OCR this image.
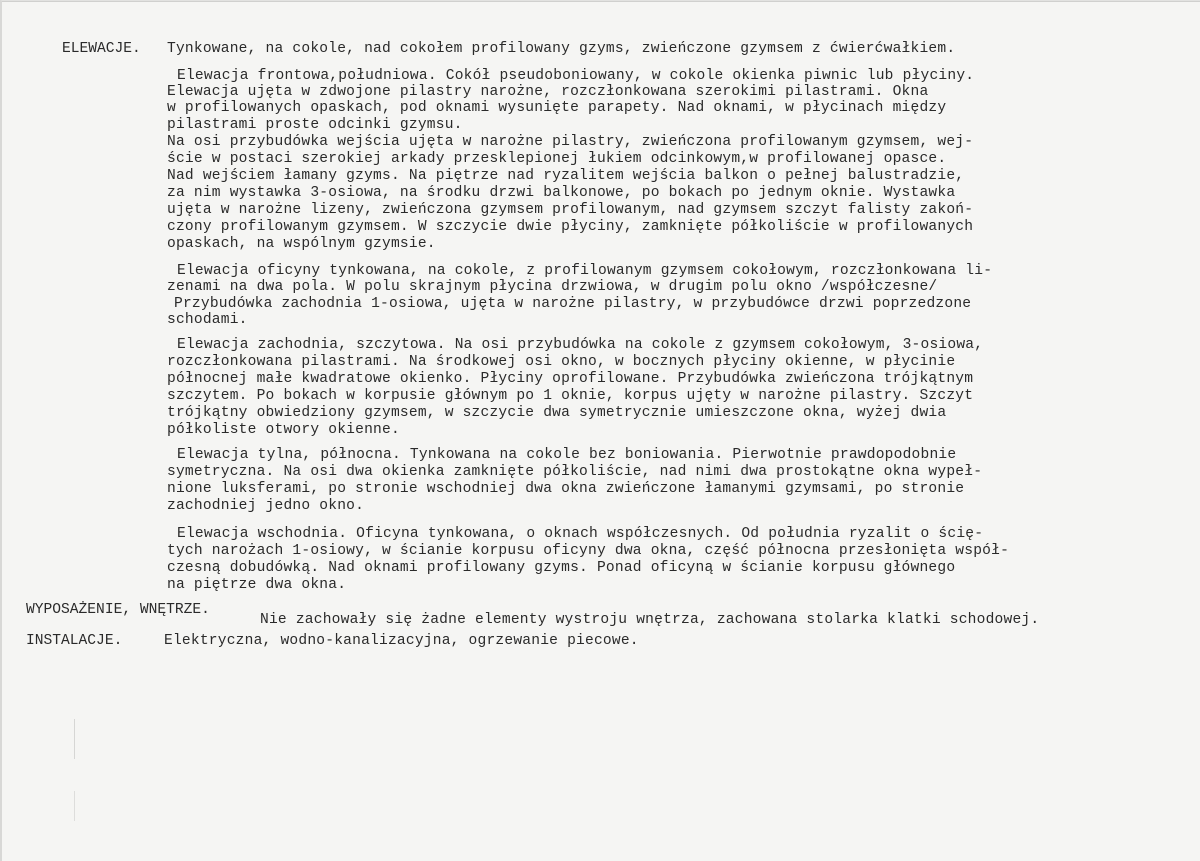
ELEWACJE. Tynkowane, na cokole, nad cokołem profilowany gzyms, zwieńczone gzymsem z ćwierćwałkiem.
Elewacja frontowa,południowa. Cokół pseudoboniowany, w cokole okienka piwnic lub płyciny.
Elewacja ujęta w zdwojone pilastry narożne, rozczłonkowana szerokimi pilastrami. Okna
w profilowanych opaskach, pod oknami wysunięte parapety. Nad oknami, w płycinach między
pilastrami proste odcinki gzymsu.
Na osi przybudówka wejścia ujęta w narożne pilastry, zwieńczona profilowanym gzymsem, wej-
ście w postaci szerokiej arkady przesklepionej łukiem odcinkowym,w profilowanej opasce.
Nad wejściem łamany gzyms. Na piętrze nad ryzalitem wejścia balkon o pełnej balustradzie,
za nim wystawka 3-osiowa, na środku drzwi balkonowe, po bokach po jednym oknie. Wystawka
ujęta w narożne lizeny, zwieńczona gzymsem profilowanym, nad gzymsem szczyt falisty zakoń-
czony profilowanym gzymsem. W szczycie dwie płyciny, zamknięte półkoliście w profilowanych
opaskach, na wspólnym gzymsie.
Elewacja oficyny tynkowana, na cokole, z profilowanym gzymsem cokołowym, rozczłonkowana li-
zenami na dwa pola. W polu skrajnym płycina drzwiowa, w drugim polu okno /współczesne/
Przybudówka zachodnia 1-osiowa, ujęta w narożne pilastry, w przybudówce drzwi poprzedzone
schodami.
Elewacja zachodnia, szczytowa. Na osi przybudówka na cokole z gzymsem cokołowym, 3-osiowa,
rozczłonkowana pilastrami. Na środkowej osi okno, w bocznych płyciny okienne, w płycinie
północnej małe kwadratowe okienko. Płyciny oprofilowane. Przybudówka zwieńczona trójkątnym
szczytem. Po bokach w korpusie głównym po 1 oknie, korpus ujęty w narożne pilastry. Szczyt
trójkątny obwiedziony gzymsem, w szczycie dwa symetrycznie umieszczone okna, wyżej dwia
półkoliste otwory okienne.
Elewacja tylna, północna. Tynkowana na cokole bez boniowania. Pierwotnie prawdopodobnie
symetryczna. Na osi dwa okienka zamknięte półkoliście, nad nimi dwa prostokątne okna wypeł-
nione luksferami, po stronie wschodniej dwa okna zwieńczone łamanymi gzymsami, po stronie
zachodniej jedno okno.
Elewacja wschodnia. Oficyna tynkowana, o oknach współczesnych. Od południa ryzalit o ścię-
tych narożach 1-osiowy, w ścianie korpusu oficyny dwa okna, część północna przesłonięta współ-
czesną dobudówką. Nad oknami profilowany gzyms. Ponad oficyną w ścianie korpusu głównego
na piętrze dwa okna.
WYPOSAŻENIE, WNĘTRZE.
Nie zachowały się żadne elementy wystroju wnętrza, zachowana stolarka klatki schodowej.
INSTALACJE.	Elektryczna, wodno-kanalizacyjna, ogrzewanie piecowe.
